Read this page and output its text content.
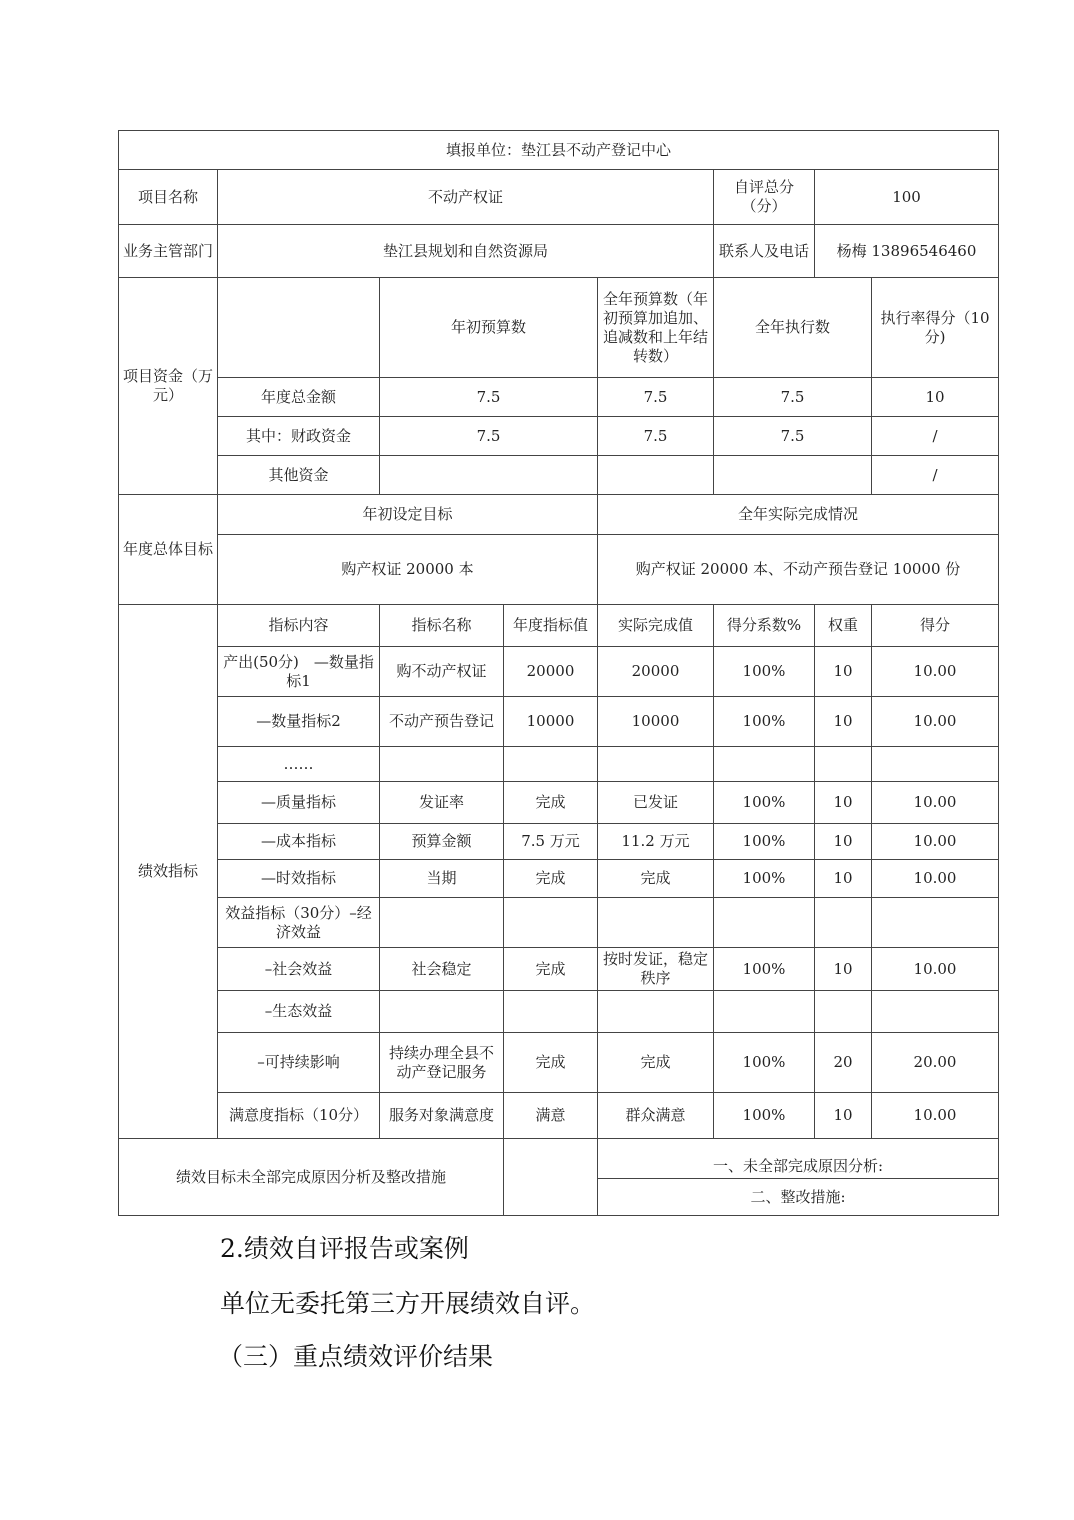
填报单位：垫江县不动产登记中心							
项目名称	不动产权证				自评总分（分）	100	
业务主管部门	垫江县规划和自然资源局				联系人及电话	杨梅 13896546460	
项目资金（万元）		年初预算数		全年预算数（年初预算加追加、追减数和上年结转数）	全年执行数		执行率得分（10分)
	年度总金额	7.5		7.5	7.5		10
	其中：财政资金	7.5		7.5	7.5		/
	其他资金						/
年度总体目标	年初设定目标			全年实际完成情况			
	购产权证 20000 本			购产权证 20000 本、不动产预告登记 10000 份			
绩效指标	指标内容	指标名称	年度指标值	实际完成值	得分系数%	权重	得分
	产出(50分)　—数量指标1	购不动产权证	20000	20000	100%	10	10.00
	—数量指标2	不动产预告登记	10000	10000	100%	10	10.00
	……						
	—质量指标	发证率	完成	已发证	100%	10	10.00
	—成本指标	预算金额	7.5 万元	11.2 万元	100%	10	10.00
	—时效指标	当期	完成	完成	100%	10	10.00
	效益指标（30分）–经济效益						
	–社会效益	社会稳定	完成	按时发证，稳定秩序	100%	10	10.00
	–生态效益						
	–可持续影响	持续办理全县不动产登记服务	完成	完成	100%	20	20.00
	满意度指标（10分）	服务对象满意度	满意	群众满意	100%	10	10.00
绩效目标未全部完成原因分析及整改措施				一、未全部完成原因分析:			
				二、整改措施:			
2.绩效自评报告或案例
单位无委托第三方开展绩效自评。
（三）重点绩效评价结果
